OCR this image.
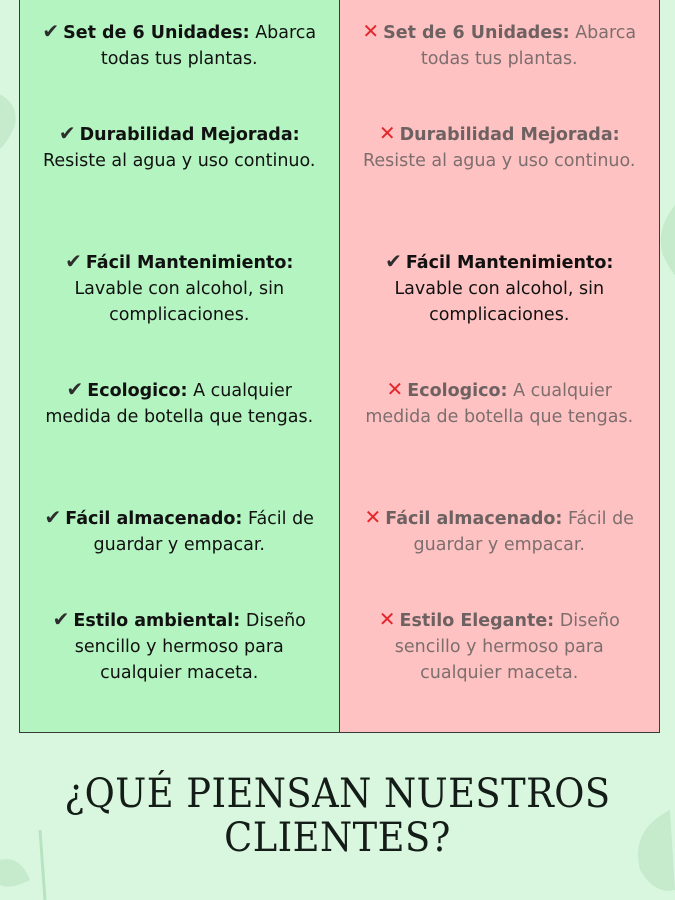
✔ Set de 6 Unidades: Abarca todas tus plantas.
✔ Durabilidad Mejorada: Resiste al agua y uso continuo.
✔ Fácil Mantenimiento: Lavable con alcohol, sin complicaciones.
✔ Ecologico: A cualquier medida de botella que tengas.
✔ Fácil almacenado: Fácil de guardar y empacar.
✔ Estilo ambiental: Diseño sencillo y hermoso para cualquier maceta.
✕ Set de 6 Unidades: Abarca todas tus plantas.
✕ Durabilidad Mejorada: Resiste al agua y uso continuo.
✔ Fácil Mantenimiento: Lavable con alcohol, sin complicaciones.
✕ Ecologico: A cualquier medida de botella que tengas.
✕ Fácil almacenado: Fácil de guardar y empacar.
✕ Estilo Elegante: Diseño sencillo y hermoso para cualquier maceta.
¿QUÉ PIENSAN NUESTROS
CLIENTES?
